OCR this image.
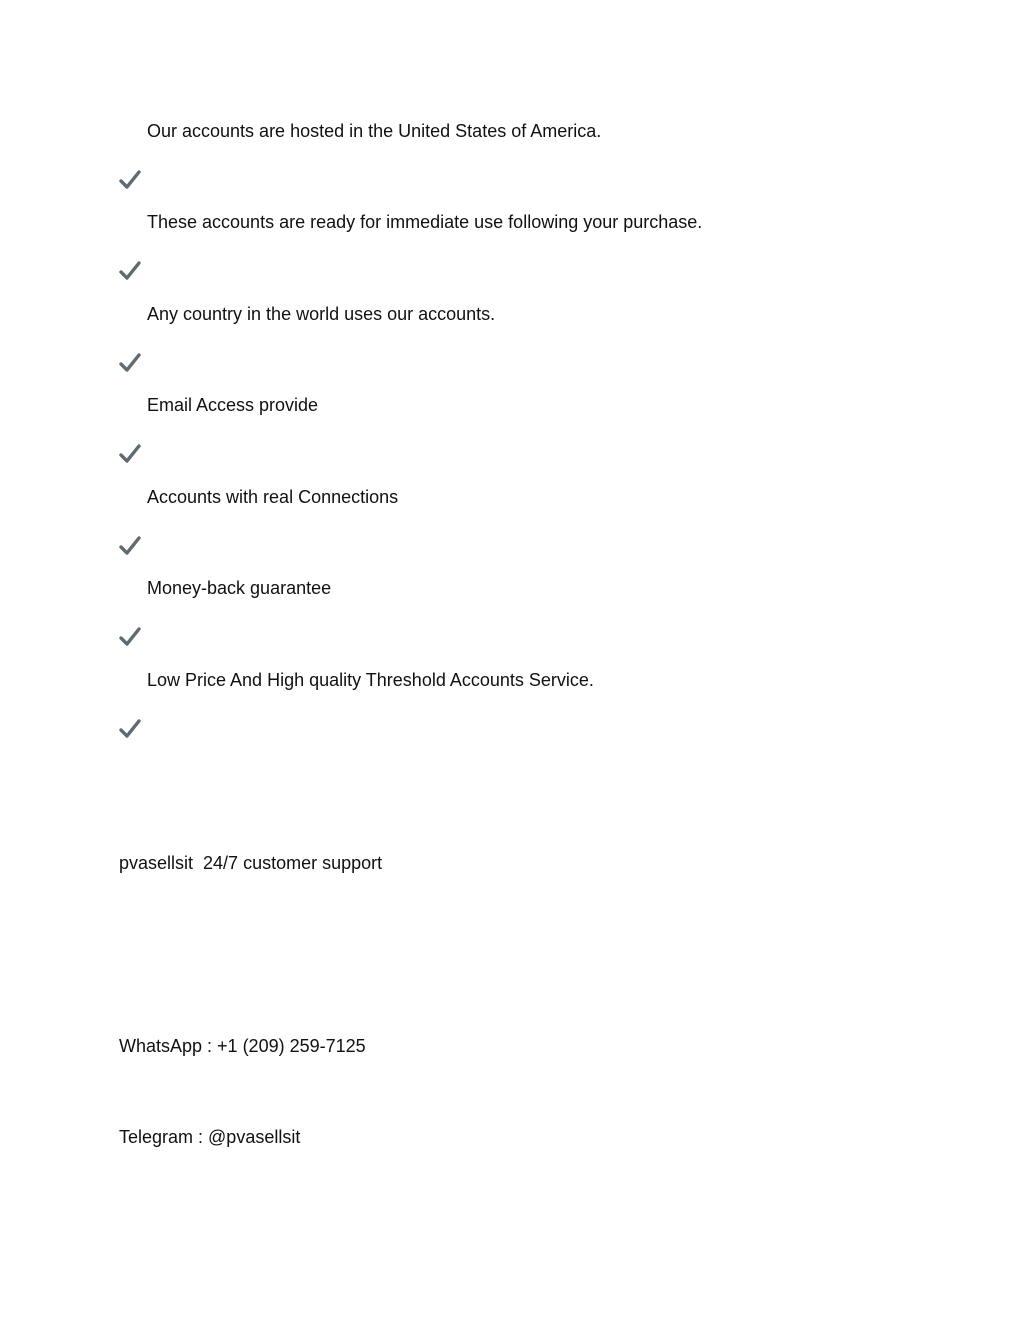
Our accounts are hosted in the United States of America.

These accounts are ready for immediate use following your purchase.

Any country in the world uses our accounts.

Email Access provide

Accounts with real Connections

Money-back guarantee

Low Price And High quality Threshold Accounts Service.
pvasellsit  24/7 customer support
WhatsApp : +1 (209) 259-7125
Telegram : @pvasellsit
